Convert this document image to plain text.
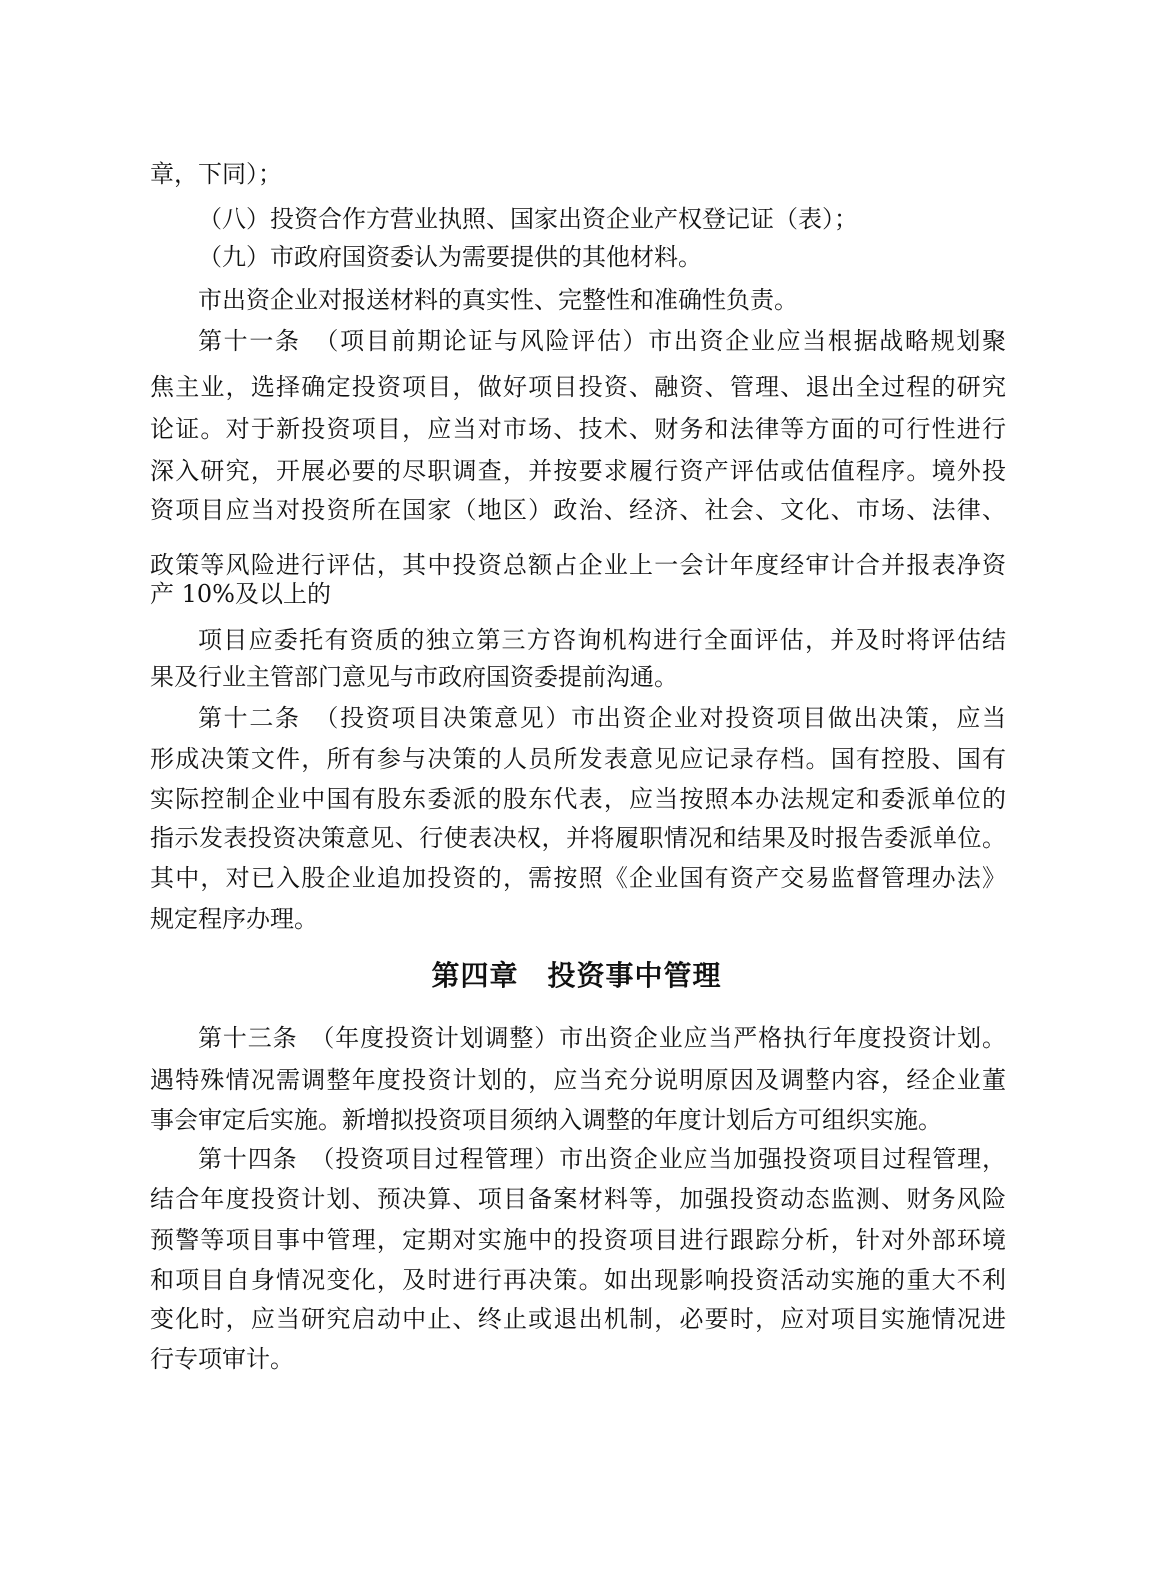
章，下同）；
（八）投资合作方营业执照、国家出资企业产权登记证（表）；
（九）市政府国资委认为需要提供的其他材料。
市出资企业对报送材料的真实性、完整性和准确性负责。
第十一条　（项目前期论证与风险评估）市出资企业应当根据战略规划聚
焦主业，选择确定投资项目，做好项目投资、融资、管理、退出全过程的研究
论证。对于新投资项目，应当对市场、技术、财务和法律等方面的可行性进行
深入研究，开展必要的尽职调查，并按要求履行资产评估或估值程序。境外投
资项目应当对投资所在国家（地区）政治、经济、社会、文化、市场、法律、
政策等风险进行评估，其中投资总额占企业上一会计年度经审计合并报表净资
产 10%及以上的
项目应委托有资质的独立第三方咨询机构进行全面评估，并及时将评估结
果及行业主管部门意见与市政府国资委提前沟通。
第十二条　（投资项目决策意见）市出资企业对投资项目做出决策，应当
形成决策文件，所有参与决策的人员所发表意见应记录存档。国有控股、国有
实际控制企业中国有股东委派的股东代表，应当按照本办法规定和委派单位的
指示发表投资决策意见、行使表决权，并将履职情况和结果及时报告委派单位。
其中，对已入股企业追加投资的，需按照《企业国有资产交易监督管理办法》
规定程序办理。
第四章　投资事中管理
第十三条　（年度投资计划调整）市出资企业应当严格执行年度投资计划。
遇特殊情况需调整年度投资计划的，应当充分说明原因及调整内容，经企业董
事会审定后实施。新增拟投资项目须纳入调整的年度计划后方可组织实施。
第十四条　（投资项目过程管理）市出资企业应当加强投资项目过程管理，
结合年度投资计划、预决算、项目备案材料等，加强投资动态监测、财务风险
预警等项目事中管理，定期对实施中的投资项目进行跟踪分析，针对外部环境
和项目自身情况变化，及时进行再决策。如出现影响投资活动实施的重大不利
变化时，应当研究启动中止、终止或退出机制，必要时，应对项目实施情况进
行专项审计。
